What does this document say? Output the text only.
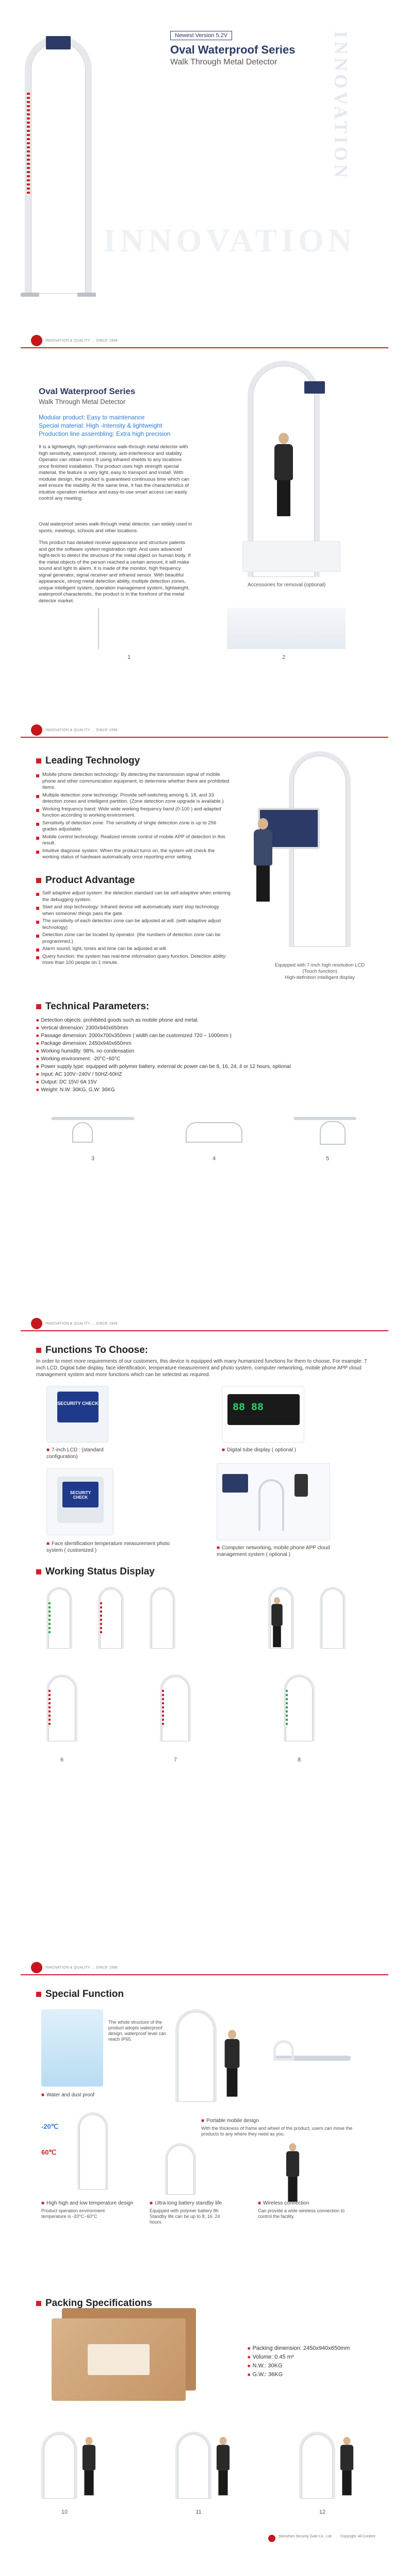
Newest Version 5.2V
Oval Waterproof Series
Walk Through Metal Detector	INNOVATION
INNOVATION
INNOVATION & QUALITY ... SINCE 1998
Oval Waterproof Series
Walk Through Metal Detector
Modular product: Easy to maintenance
Special material: High -intensity & lightweight
Production line assembling: Extra high precision

It is a lightweight, high-performance walk-through metal detector with high sensitivity, waterproof, intensity, anti-interference and stability. Operator can obtain more 9 using infrared shields to any locations once finished installation. The product uses high strength special material, the feature is very light, easy to transport and install. With modular design, the product is guaranteed continuous time which can well ensure the stability. At the same time, it has the characteristics of intuitive operation interface and easy-to-use smart access can easily control any meeting.

Oval waterproof series walk-through metal detector, can widely used in sports, meetings, schools and other locations.

This product has detailed receive appearance and structure patents and got the software system registration right. And uses advanced hight-tech to detect the structure of the metal object on human body. If the metal objects of the person reached a certain amount, it will make sound and light to alarm. It is made of the monitor, high frequency signal generator, signal receiver and infrared sensor. With beautiful appearance, strong metal detection ability, multiple detection zones, unique intelligent system, operation management system, lightweight, waterproof characteristic, the product is in the forefront of the metal detector market.

Accessories for removal (optional)
1	2
INNOVATION & QUALITY ... SINCE 1998
Leading Technology
Mobile phone detection technology: By detecting the transmission signal of mobile phone and other communication equipment, to determine whether there are prohibited items.
Multiple detection zone technology: Provide self-switching among 6, 18, and 33 detection zones and intelligent partition. (Zone detection zone upgrade is available.)
Working frequency band: Wide wide working frequency band (0-100 ) and adapted function according to working environment.
Sensitivity of detection zone: The sensitivity of single detection zone is up to 256 grades adjustable.
Mobile control technology: Realized remote control of mobile APP of detection in this result.
Intuitive diagnose system: When the product turns on, the system will check the working status of hardware automatically once reporting error setting.
Product Advantage
Self adaptive adjust system: the detection standard can be self-adaptive when entering the debugging system.
Start and stop technology: Infrared device will automatically start/ stop technology when someone/ things pass the gate.
The sensitivity of each detection zone can be adjusted at will. (with adaptive adjust technology)
Detection zone can be located by operator. (the numbers of detection zone can be programmed.)
Alarm sound, light, tones and time can be adjusted at will.
Query function: the system has real-time information query function. Detection ability: more than 100 people on 1 minute.	Equipped with 7-inch high resolution LCD (Touch function)
High-definition intelligent display
Technical Parameters:
■ Detection objects: prohibited goods such as mobile phone and metal.
■ Vertical dimension: 2300x940x650mm
■ Passage dimension: 2000x700x350mm ( width can be customized 720 ~ 1000mm )
■ Package dimension: 2450x940x650mm
■ Working humidity: 98%, no condensation
■ Working environment: -20°C~60°C
■ Power supply type: equipped with polymer battery, external dc power can be 8, 16, 24, 4 or 12 hours, optional
■ Input: AC 100V~240V / 50HZ-60HZ
■ Output: DC 15V/ 6A 15V
■ Weight: N.W: 30KG, G.W: 36KG
3	4	5
INNOVATION & QUALITY ... SINCE 1998
Functions To Choose:

In order to meet more requirements of our customers, this device is equipped with many humanized functions for them to choose. For example: 7 inch LCD, Digital tube display, face identification, temperature measurement and photo system, computer networking, mobile phone APP cloud management system and more functions which can be selected as required.

SECURITY CHECK
■ 7-inch LCD : (standard configuration)
88 88
■ Digital tube display ( optional )
SECURITY CHECK
■ Face identification temperature measurement photo system ( customized )
■	Computer networking, mobile phone APP cloud management system ( optional )
Working Status Display
6	7	8
INNOVATION & QUALITY ... SINCE 1998
Special Function
The whole structure of the product adopts waterproof design, waterproof level can reach IP65.
■ Water and dust proof
■ Portable mobile design
With the thickness of frame and wheel of the product, users can move the products to any where they need as you.
-20℃
60℃
■ High high and low temperature design
Product operation environment temperature is -20°C~60°C
■ Ultra-long battery standby life
Equipped with polymer battery 8h Standby life can be up to 8, 16, 24 hours.
■ Wireless connection
Can provide a wide wireless connection to control the facility.
Packing Specifications
■ Packing dimension: 2450x940x650mm
■ Volume: 0.45 m³
■ N.W.: 30KG
■ G.W.: 36KG
10	11	12
Shenzhen Security Gate Co., Ltd. Copyright. All Content
